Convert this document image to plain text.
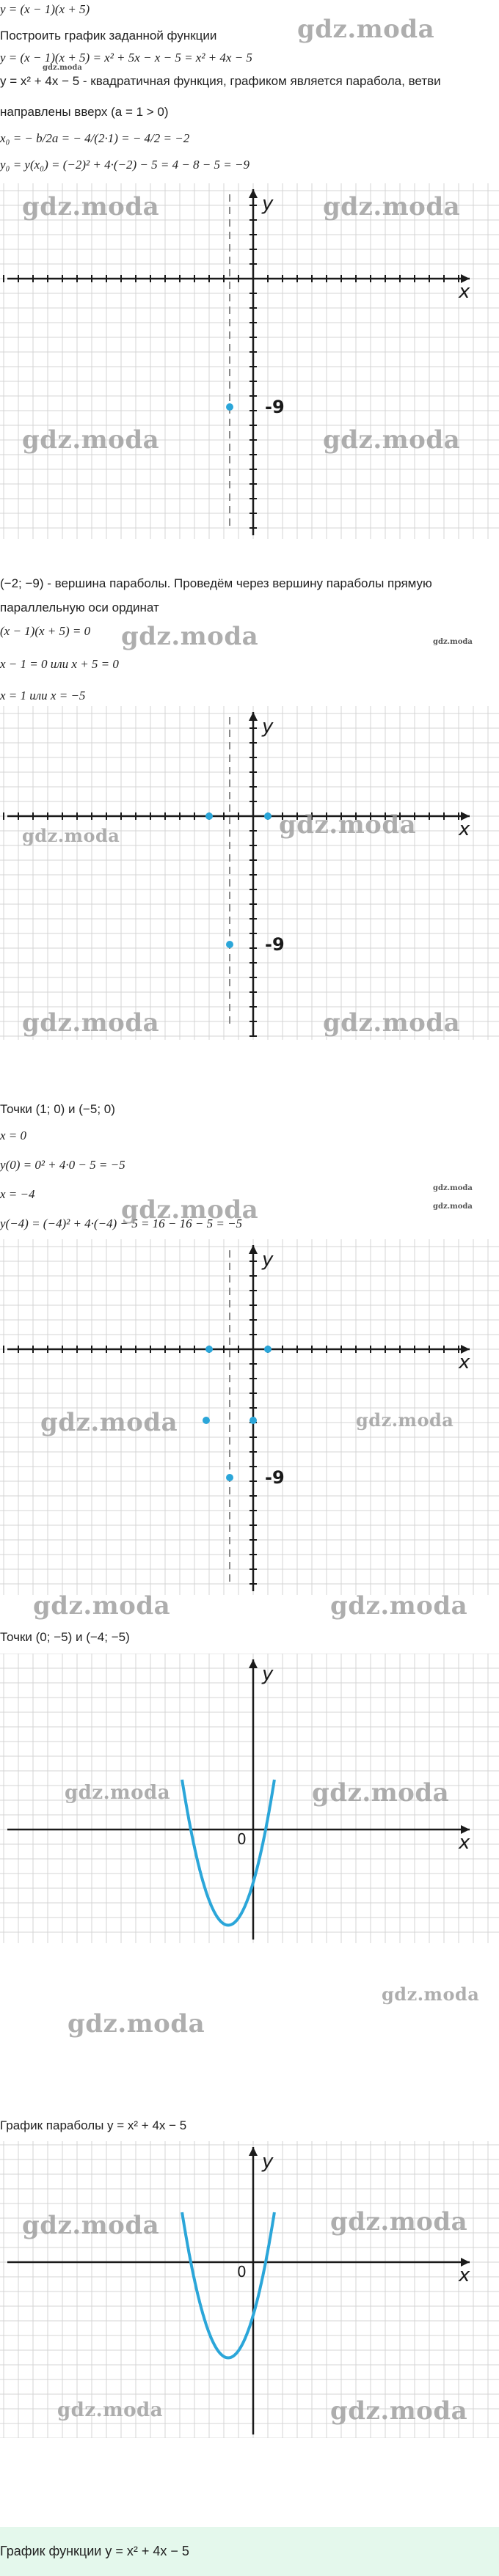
y = (x − 1)(x + 5)
Построить график заданной функции
y = (x − 1)(x + 5) = x² + 5x − x − 5 = x² + 4x − 5
y = x² + 4x − 5 - квадратичная функция, графиком является парабола, ветви
направлены вверх (a = 1 > 0)
x₀ = − b/2a = − 4/(2·1) = − 4/2 = −2
y₀ = y(x₀) = (−2)² + 4·(−2) − 5 = 4 − 8 − 5 = −9
(−2; −9) - вершина параболы. Проведём через вершину параболы прямую
параллельную оси ординат
(x − 1)(x + 5) = 0
x − 1 = 0 или x + 5 = 0
x = 1 или x = −5
Точки (1; 0) и (−5; 0)
x = 0
y(0) = 0² + 4·0 − 5 = −5
x = −4
y(−4) = (−4)² + 4·(−4) − 5 = 16 − 16 − 5 = −5
Точки (0; −5) и (−4; −5)
График параболы y = x² + 4x − 5
График функции y = x² + 4x − 5
x
y
-9
x
y
-9
x
y
-9
x
y
0
x
y
0
gdz.moda
gdz.moda	gdz.moda
gdz.moda	gdz.moda
gdz.moda
gdz.moda	gdz.moda
gdz.moda	gdz.moda
gdz.moda
gdz.moda	gdz.moda
gdz.moda	gdz.moda
gdz.moda	gdz.moda
gdz.moda
gdz.moda
gdz.moda	gdz.moda
gdz.moda	gdz.moda
gdz.moda
gdz.moda
gdz.moda
gdz.moda
